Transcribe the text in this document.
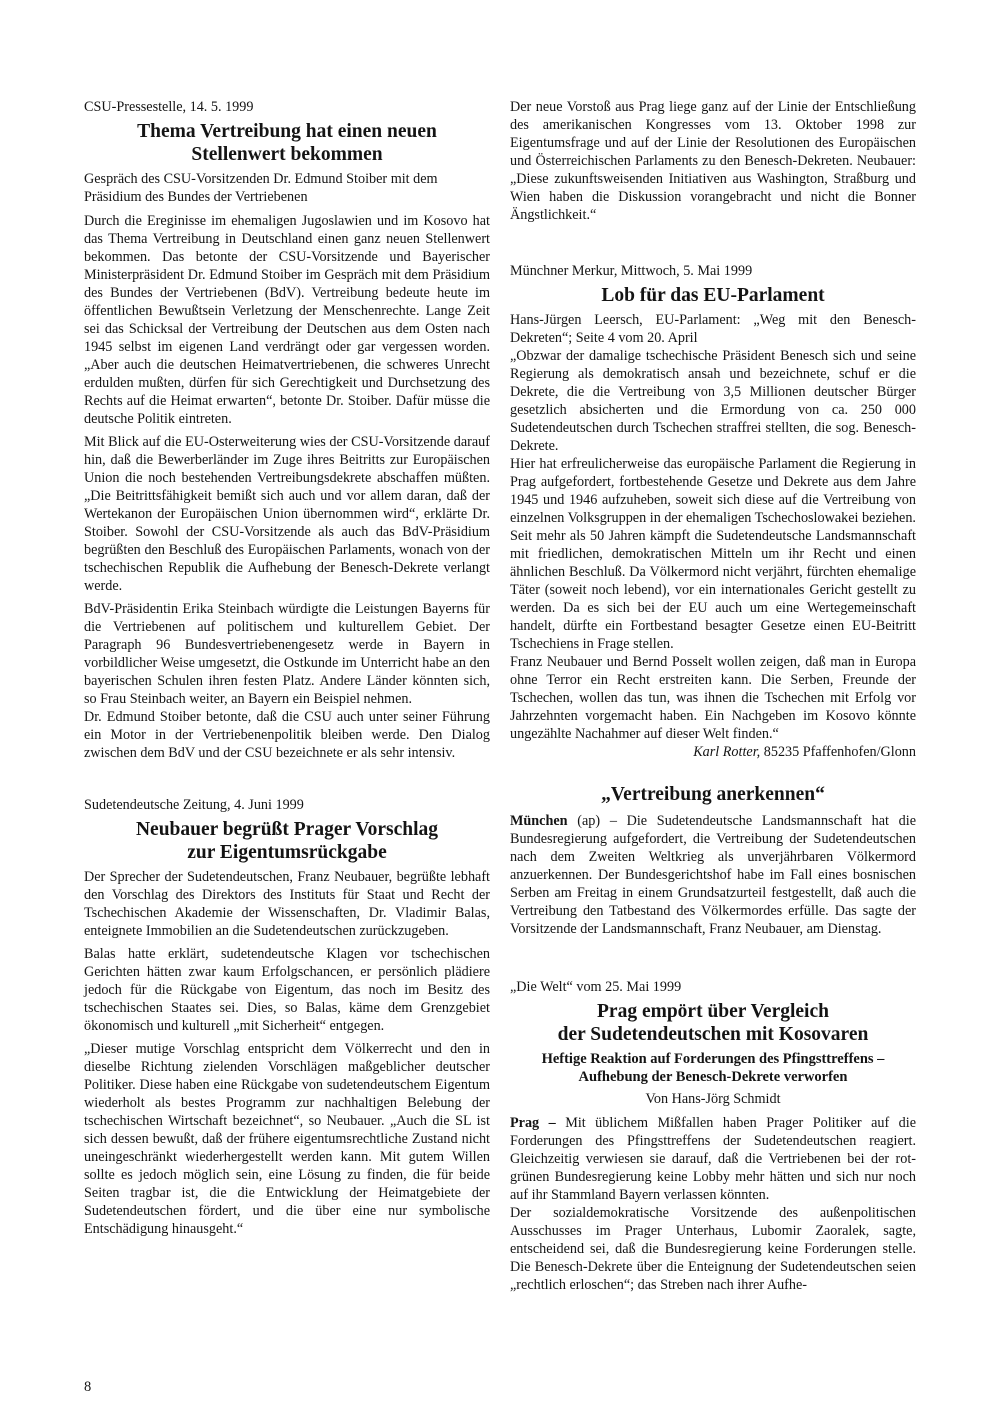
CSU-Pressestelle, 14. 5. 1999
Thema Vertreibung hat einen neuen
Stellenwert bekommen
Gespräch des CSU-Vorsitzenden Dr. Edmund Stoiber mit dem Präsidium des Bundes der Vertriebenen

Durch die Ereginisse im ehemaligen Jugoslawien und im Kosovo hat das Thema Vertreibung in Deutschland einen ganz neuen Stellenwert bekommen. Das betonte der CSU-Vorsitzende und Bayerischer Ministerpräsident Dr. Edmund Stoiber im Gespräch mit dem Präsidium des Bundes der Vertriebenen (BdV). Vertreibung bedeute heute im öffentlichen Bewußtsein Verletzung der Menschenrechte. Lange Zeit sei das Schicksal der Vertreibung der Deutschen aus dem Osten nach 1945 selbst im eigenen Land verdrängt oder gar vergessen worden. „Aber auch die deutschen Heimatvertriebenen, die schweres Unrecht erdulden mußten, dürfen für sich Gerechtigkeit und Durchsetzung des Rechts auf die Heimat erwarten“, betonte Dr. Stoiber. Dafür müsse die deutsche Politik eintreten.

Mit Blick auf die EU-Osterweiterung wies der CSU-Vorsitzende darauf hin, daß die Bewerberländer im Zuge ihres Beitritts zur Europäischen Union die noch bestehenden Vertreibungsdekrete abschaffen müßten. „Die Beitrittsfähigkeit bemißt sich auch und vor allem daran, daß der Wertekanon der Europäischen Union übernommen wird“, erklärte Dr. Stoiber. Sowohl der CSU-Vorsitzende als auch das BdV-Präsidium begrüßten den Beschluß des Europäischen Parlaments, wonach von der tschechischen Republik die Aufhebung der Benesch-Dekrete verlangt werde.

BdV-Präsidentin Erika Steinbach würdigte die Leistungen Bayerns für die Vertriebenen auf politischem und kulturellem Gebiet. Der Paragraph 96 Bundesvertriebenengesetz werde in Bayern in vorbildlicher Weise umgesetzt, die Ostkunde im Unterricht habe an den bayerischen Schulen ihren festen Platz. Andere Länder könnten sich, so Frau Steinbach weiter, an Bayern ein Beispiel nehmen.

Dr. Edmund Stoiber betonte, daß die CSU auch unter seiner Führung ein Motor in der Vertriebenenpolitik bleiben werde. Den Dialog zwischen dem BdV und der CSU bezeichnete er als sehr intensiv.

Sudetendeutsche Zeitung, 4. Juni 1999
Neubauer begrüßt Prager Vorschlag
zur Eigentumsrückgabe

Der Sprecher der Sudetendeutschen, Franz Neubauer, begrüßte lebhaft den Vorschlag des Direktors des Instituts für Staat und Recht der Tschechischen Akademie der Wissenschaften, Dr. Vladimir Balas, enteignete Immobilien an die Sudetendeutschen zurückzugeben.

Balas hatte erklärt, sudetendeutsche Klagen vor tschechischen Gerichten hätten zwar kaum Erfolgschancen, er persönlich plädiere jedoch für die Rückgabe von Eigentum, das noch im Besitz des tschechischen Staates sei. Dies, so Balas, käme dem Grenzgebiet ökonomisch und kulturell „mit Sicherheit“ entgegen.

„Dieser mutige Vorschlag entspricht dem Völkerrecht und den in dieselbe Richtung zielenden Vorschlägen maßgeblicher deutscher Politiker. Diese haben eine Rückgabe von sudetendeutschem Eigentum wiederholt als bestes Programm zur nachhaltigen Belebung der tschechischen Wirtschaft bezeichnet“, so Neubauer. „Auch die SL ist sich dessen bewußt, daß der frühere eigentumsrechtliche Zustand nicht uneingeschränkt wiederhergestellt werden kann. Mit gutem Willen sollte es jedoch möglich sein, eine Lösung zu finden, die für beide Seiten tragbar ist, die die Entwicklung der Heimatgebiete der Sudetendeutschen fördert, und die über eine nur symbolische Entschädigung hinausgeht.“

Der neue Vorstoß aus Prag liege ganz auf der Linie der Entschließung des amerikanischen Kongresses vom 13. Oktober 1998 zur Eigentumsfrage und auf der Linie der Resolutionen des Europäischen und Österreichischen Parlaments zu den Benesch-Dekreten. Neubauer: „Diese zukunftsweisenden Initiativen aus Washington, Straßburg und Wien haben die Diskussion vorangebracht und nicht die Bonner Ängstlichkeit.“

Münchner Merkur, Mittwoch, 5. Mai 1999
Lob für das EU-Parlament

Hans-Jürgen Leersch, EU-Parlament: „Weg mit den Benesch-Dekreten“; Seite 4 vom 20. April

„Obzwar der damalige tschechische Präsident Benesch sich und seine Regierung als demokratisch ansah und bezeichnete, schuf er die Dekrete, die die Vertreibung von 3,5 Millionen deutscher Bürger gesetzlich absicherten und die Ermordung von ca. 250 000 Sudetendeutschen durch Tschechen straffrei stellten, die sog. Benesch-Dekrete.

Hier hat erfreulicherweise das europäische Parlament die Regierung in Prag aufgefordert, fortbestehende Gesetze und Dekrete aus dem Jahre 1945 und 1946 aufzuheben, soweit sich diese auf die Vertreibung von einzelnen Volksgruppen in der ehemaligen Tschechoslowakei beziehen.

Seit mehr als 50 Jahren kämpft die Sudetendeutsche Landsmannschaft mit friedlichen, demokratischen Mitteln um ihr Recht und einen ähnlichen Beschluß. Da Völkermord nicht verjährt, fürchten ehemalige Täter (soweit noch lebend), vor ein internationales Gericht gestellt zu werden. Da es sich bei der EU auch um eine Wertegemeinschaft handelt, dürfte ein Fortbestand besagter Gesetze einen EU-Beitritt Tschechiens in Frage stellen.

Franz Neubauer und Bernd Posselt wollen zeigen, daß man in Europa ohne Terror ein Recht erstreiten kann. Die Serben, Freunde der Tschechen, wollen das tun, was ihnen die Tschechen mit Erfolg vor Jahrzehnten vorgemacht haben. Ein Nachgeben im Kosovo könnte ungezählte Nachahmer auf dieser Welt finden.“

Karl Rotter, 85235 Pfaffenhofen/Glonn
„Vertreibung anerkennen“

München (ap) – Die Sudetendeutsche Landsmannschaft hat die Bundesregierung aufgefordert, die Vertreibung der Sudetendeutschen nach dem Zweiten Weltkrieg als unverjährbaren Völkermord anzuerkennen. Der Bundesgerichtshof habe im Fall eines bosnischen Serben am Freitag in einem Grundsatzurteil festgestellt, daß auch die Vertreibung den Tatbestand des Völkermordes erfülle. Das sagte der Vorsitzende der Landsmannschaft, Franz Neubauer, am Dienstag.

„Die Welt“ vom 25. Mai 1999
Prag empört über Vergleich
der Sudetendeutschen mit Kosovaren
Heftige Reaktion auf Forderungen des Pfingsttreffens –
Aufhebung der Benesch-Dekrete verworfen
Von Hans-Jörg Schmidt

Prag – Mit üblichem Mißfallen haben Prager Politiker auf die Forderungen des Pfingsttreffens der Sudetendeutschen reagiert. Gleichzeitig verwiesen sie darauf, daß die Vertriebenen bei der rot-grünen Bundesregierung keine Lobby mehr hätten und sich nur noch auf ihr Stammland Bayern verlassen könnten.

Der sozialdemokratische Vorsitzende des außenpolitischen Ausschusses im Prager Unterhaus, Lubomir Zaoralek, sagte, entscheidend sei, daß die Bundesregierung keine Forderungen stelle. Die Benesch-Dekrete über die Enteignung der Sudetendeutschen seien „rechtlich erloschen“; das Streben nach ihrer Aufhe-

8
